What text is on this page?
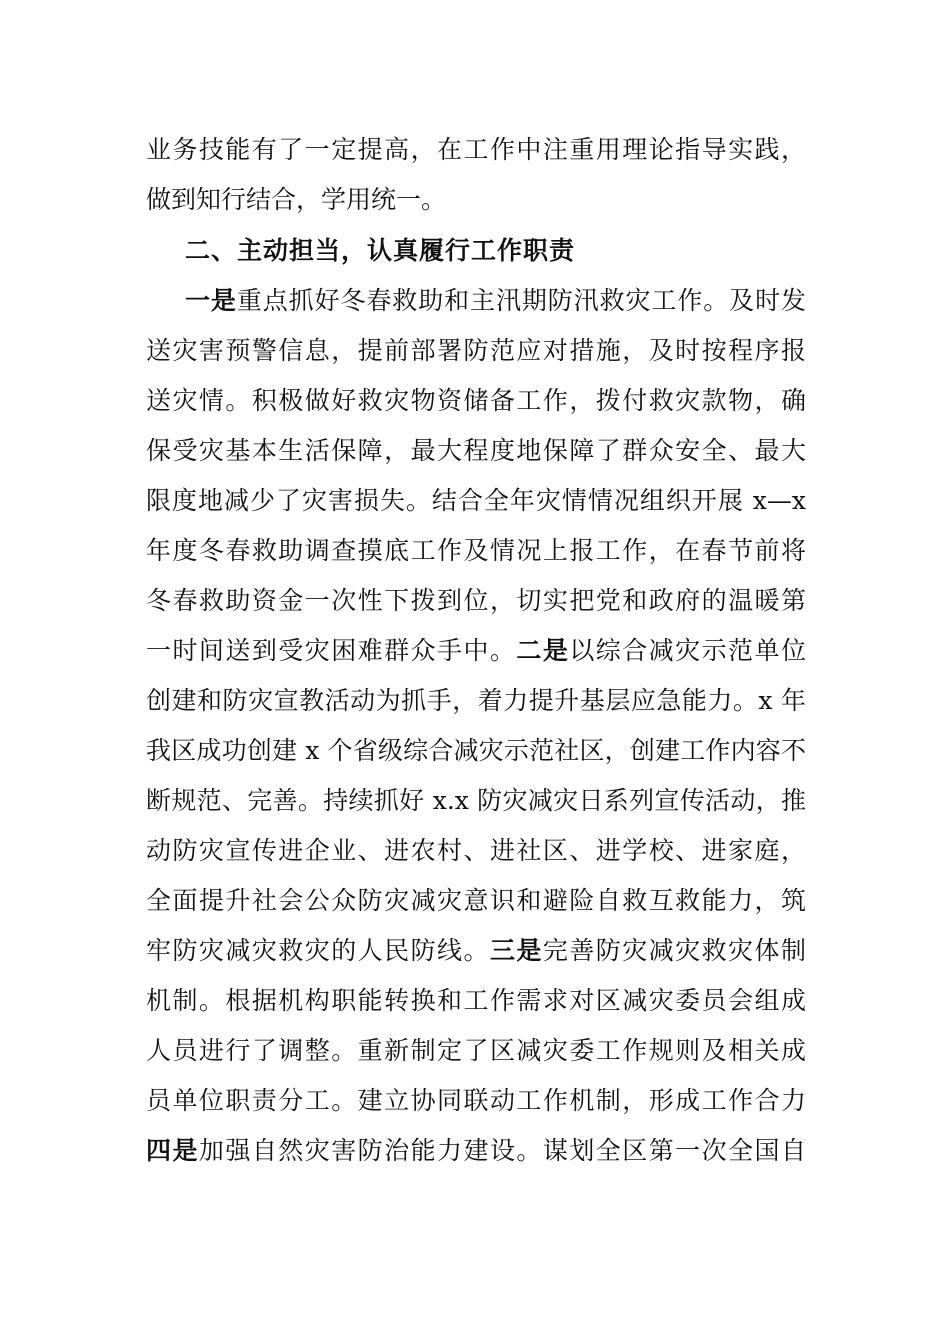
业务技能有了一定提高，在工作中注重用理论指导实践，
做到知行结合，学用统一。
二、主动担当，认真履行工作职责
一是重点抓好冬春救助和主汛期防汛救灾工作。及时发
送灾害预警信息，提前部署防范应对措施，及时按程序报
送灾情。积极做好救灾物资储备工作，拨付救灾款物，确
保受灾基本生活保障，最大程度地保障了群众安全、最大
限度地减少了灾害损失。结合全年灾情情况组织开展 x—x
年度冬春救助调查摸底工作及情况上报工作，在春节前将
冬春救助资金一次性下拨到位，切实把党和政府的温暖第
一时间送到受灾困难群众手中。二是以综合减灾示范单位
创建和防灾宣教活动为抓手，着力提升基层应急能力。x 年
我区成功创建 x 个省级综合减灾示范社区，创建工作内容不
断规范、完善。持续抓好 x.x 防灾减灾日系列宣传活动，推
动防灾宣传进企业、进农村、进社区、进学校、进家庭，
全面提升社会公众防灾减灾意识和避险自救互救能力，筑
牢防灾减灾救灾的人民防线。三是完善防灾减灾救灾体制
机制。根据机构职能转换和工作需求对区减灾委员会组成
人员进行了调整。重新制定了区减灾委工作规则及相关成
员单位职责分工。建立协同联动工作机制，形成工作合力
四是加强自然灾害防治能力建设。谋划全区第一次全国自
